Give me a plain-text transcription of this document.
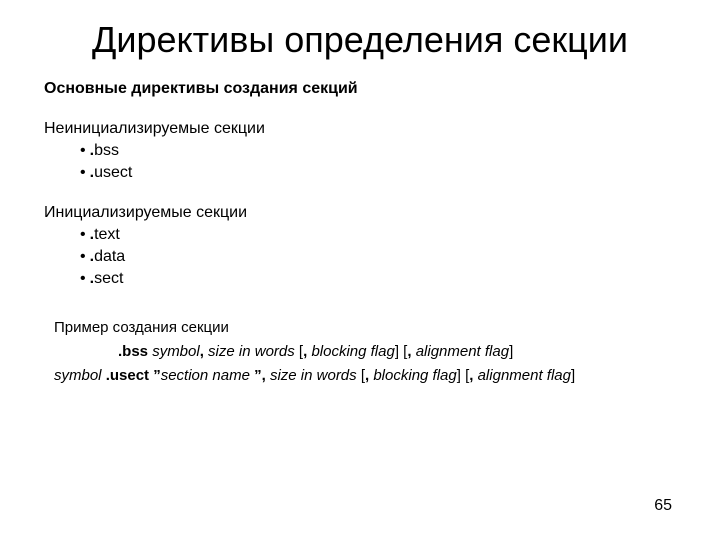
Директивы определения секции
Основные директивы создания секций
Неинициализируемые секции
• .bss
• .usect
Инициализируемые секции
• .text
• .data
• .sect
Пример создания секции
.bss symbol, size in words [, blocking flag] [, alignment flag]
symbol .usect ”section name ”, size in words [, blocking flag] [, alignment flag]
65
